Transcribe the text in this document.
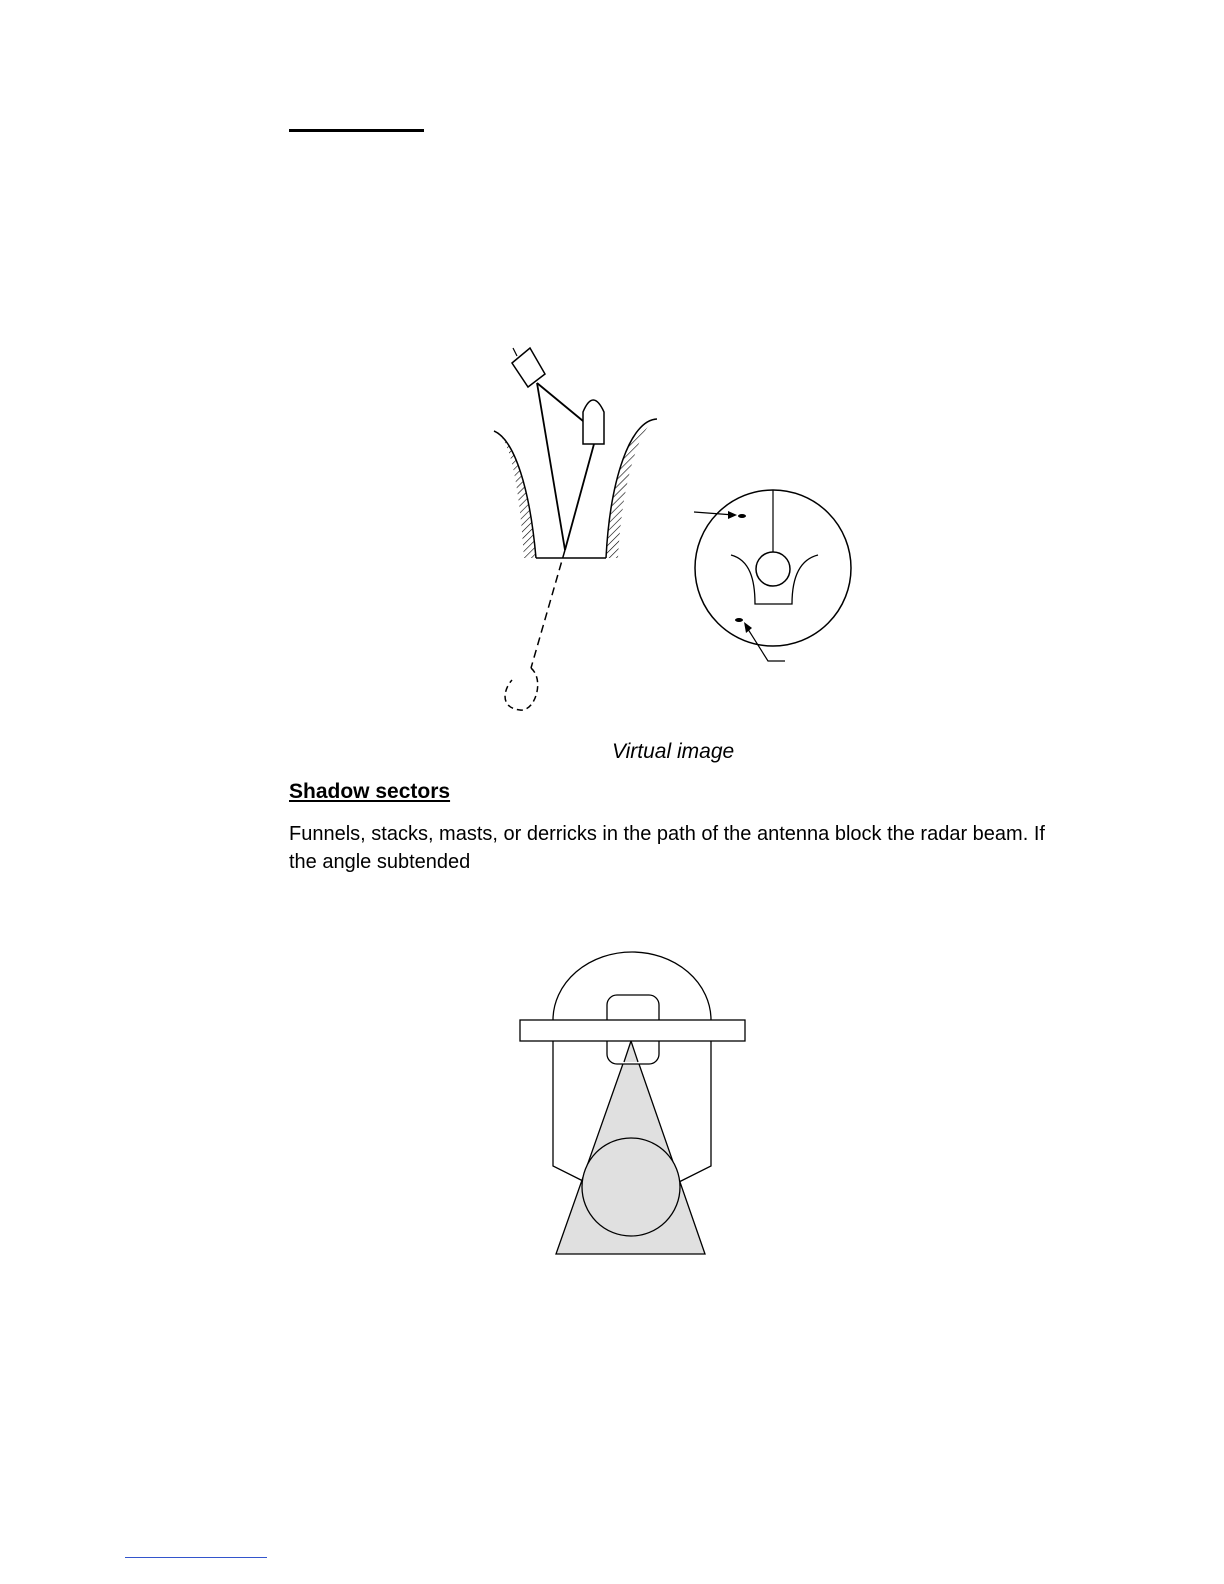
Virtual image
Shadow sectors
Funnels, stacks, masts, or derricks in the path of the antenna block the radar beam. If the angle subtended
